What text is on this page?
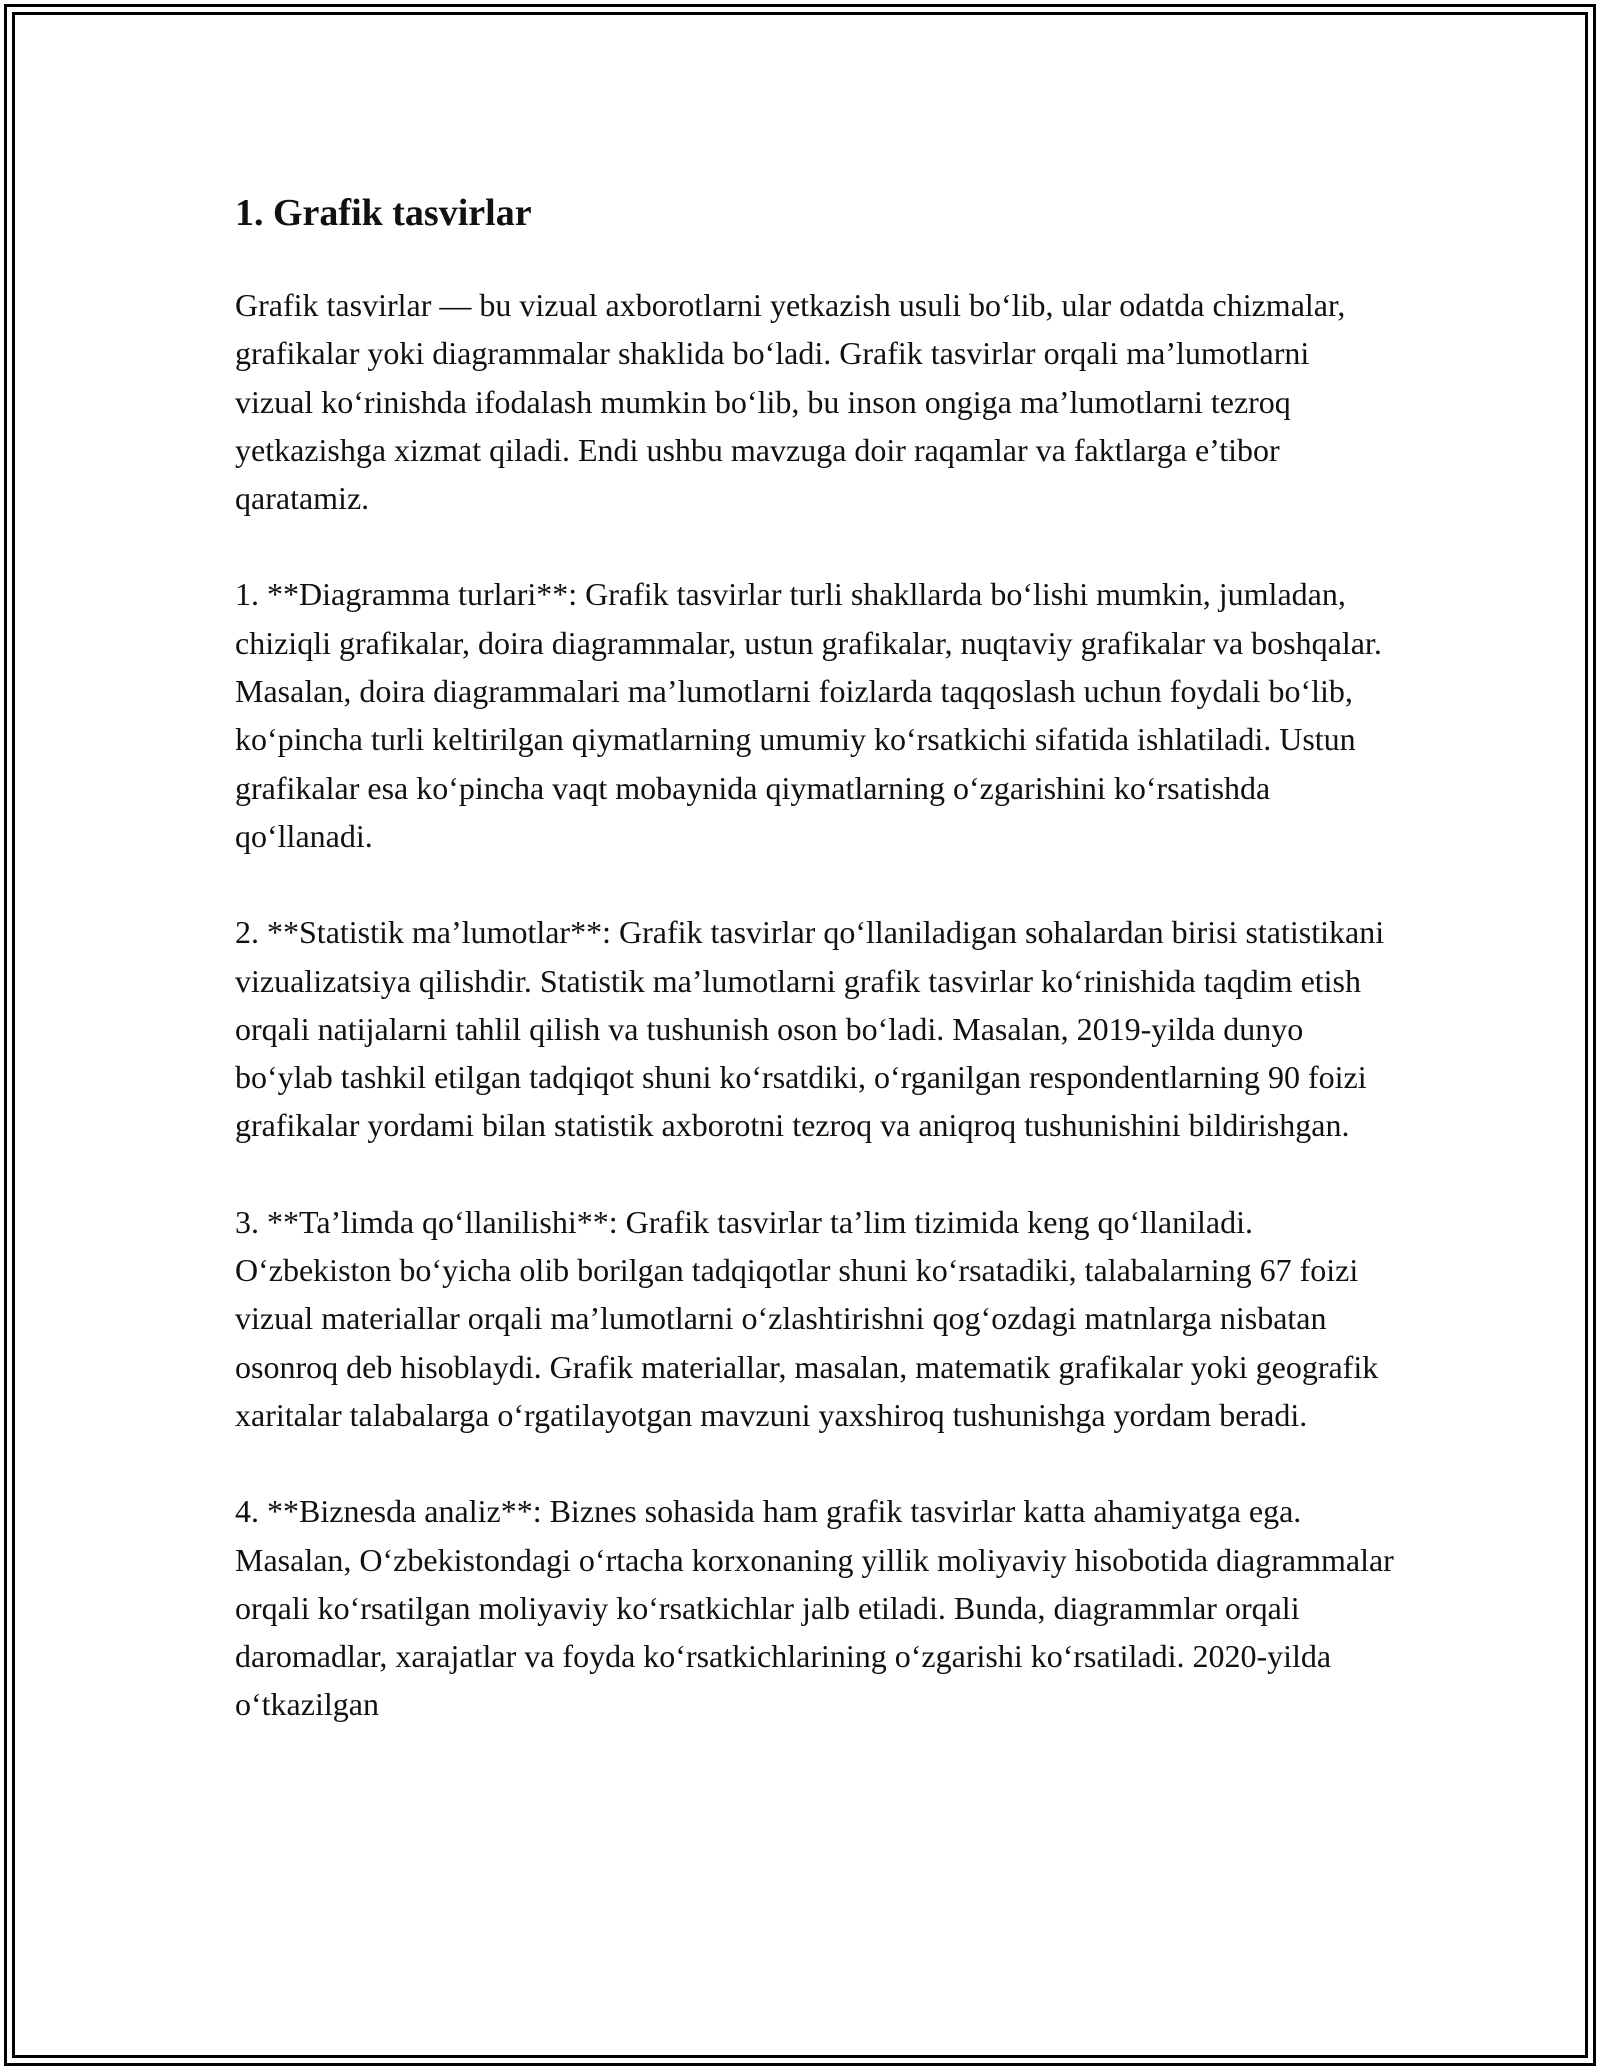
1. Grafik tasvirlar

Grafik tasvirlar — bu vizual axborotlarni yetkazish usuli bo‘lib, ular odatda chizmalar, grafikalar yoki diagrammalar shaklida bo‘ladi. Grafik tasvirlar orqali ma’lumotlarni vizual ko‘rinishda ifodalash mumkin bo‘lib, bu inson ongiga ma’lumotlarni tezroq yetkazishga xizmat qiladi. Endi ushbu mavzuga doir raqamlar va faktlarga e’tibor qaratamiz.

1. **Diagramma turlari**: Grafik tasvirlar turli shakllarda bo‘lishi mumkin, jumladan, chiziqli grafikalar, doira diagrammalar, ustun grafikalar, nuqtaviy grafikalar va boshqalar. Masalan, doira diagrammalari ma’lumotlarni foizlarda taqqoslash uchun foydali bo‘lib, ko‘pincha turli keltirilgan qiymatlarning umumiy ko‘rsatkichi sifatida ishlatiladi. Ustun grafikalar esa ko‘pincha vaqt mobaynida qiymatlarning o‘zgarishini ko‘rsatishda qo‘llanadi.

2. **Statistik ma’lumotlar**: Grafik tasvirlar qo‘llaniladigan sohalardan birisi statistikani vizualizatsiya qilishdir. Statistik ma’lumotlarni grafik tasvirlar ko‘rinishida taqdim etish orqali natijalarni tahlil qilish va tushunish oson bo‘ladi. Masalan, 2019-yilda dunyo bo‘ylab tashkil etilgan tadqiqot shuni ko‘rsatdiki, o‘rganilgan respondentlarning 90 foizi grafikalar yordami bilan statistik axborotni tezroq va aniqroq tushunishini bildirishgan.

3. **Ta’limda qo‘llanilishi**: Grafik tasvirlar ta’lim tizimida keng qo‘llaniladi. O‘zbekiston bo‘yicha olib borilgan tadqiqotlar shuni ko‘rsatadiki, talabalarning 67 foizi vizual materiallar orqali ma’lumotlarni o‘zlashtirishni qog‘ozdagi matnlarga nisbatan osonroq deb hisoblaydi. Grafik materiallar, masalan, matematik grafikalar yoki geografik xaritalar talabalarga o‘rgatilayotgan mavzuni yaxshiroq tushunishga yordam beradi.

4. **Biznesda analiz**: Biznes sohasida ham grafik tasvirlar katta ahamiyatga ega. Masalan, O‘zbekistondagi o‘rtacha korxonaning yillik moliyaviy hisobotida diagrammalar orqali ko‘rsatilgan moliyaviy ko‘rsatkichlar jalb etiladi. Bunda, diagrammlar orqali daromadlar, xarajatlar va foyda ko‘rsatkichlarining o‘zgarishi ko‘rsatiladi. 2020-yilda o‘tkazilgan
